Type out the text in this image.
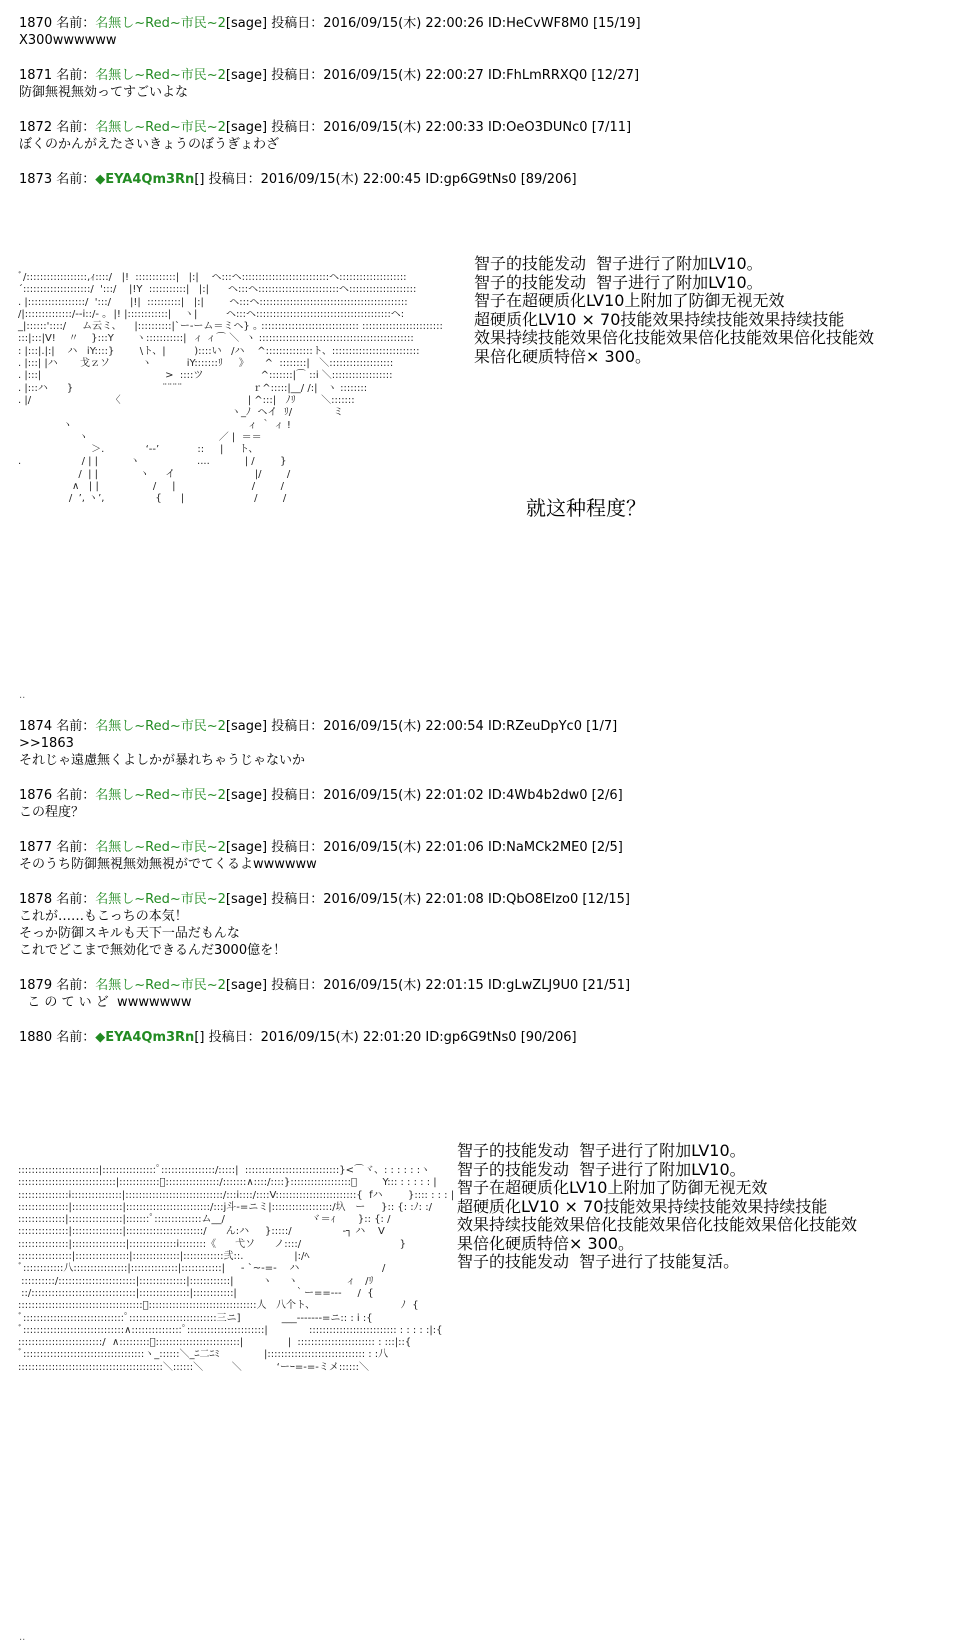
1870 名前：名無し~Red~市民~2[sage] 投稿日：2016/09/15(木) 22:00:26 ID:HeCvWF8M0 [15/19]
X300wwwwww
1871 名前：名無し~Red~市民~2[sage] 投稿日：2016/09/15(木) 22:00:27 ID:FhLmRRXQ0 [12/27]
防御無視無効ってすごいよな
1872 名前：名無し~Red~市民~2[sage] 投稿日：2016/09/15(木) 22:00:33 ID:OeO3DUNc0 [7/11]
ぼくのかんがえたさいきょうのぼうぎょわざ
1873 名前：◆EYA4Qm3Rn[] 投稿日：2016/09/15(木) 22:00:45 ID:gp6G9tNs0 [89/206]
1874 名前：名無し~Red~市民~2[sage] 投稿日：2016/09/15(木) 22:00:54 ID:RZeuDpYc0 [1/7]
>>1863
それじゃ遠慮無くよしかが暴れちゃうじゃないか
1876 名前：名無し~Red~市民~2[sage] 投稿日：2016/09/15(木) 22:01:02 ID:4Wb4b2dw0 [2/6]
この程度？
1877 名前：名無し~Red~市民~2[sage] 投稿日：2016/09/15(木) 22:01:06 ID:NaMCk2ME0 [2/5]
そのうち防御無視無効無視がでてくるよwwwwww
1878 名前：名無し~Red~市民~2[sage] 投稿日：2016/09/15(木) 22:01:08 ID:QbO8EIzo0 [12/15]
これが……もこっちの本気！
そっか防御スキルも天下一品だもんな
これでどこまで無効化できるんだ3000億を！
1879 名前：名無し~Red~市民~2[sage] 投稿日：2016/09/15(木) 22:01:15 ID:gLwZLJ9U0 [21/51]
こ の て い ど  wwwwwww
1880 名前：◆EYA4Qm3Rn[] 投稿日：2016/09/15(木) 22:01:20 ID:gp6G9tNs0 [90/206]
ﾞ/::::::::::::::::::,ｨ::::/   |!  ::::::::::::|   |:|    ヘ:::ヘ::::::::::::::::::::::::::ヘ::::::::::::::::::::
´::::::::::::::::::::/  ':::/    |!Y  :::::::::::|   |:|      ヘ:::ヘ::::::::::::::::::::::::ヘ::::::::::::::::::::
. |:::::::::::::::::/  ':::/      |!|  ::::::::::|   |:|        ヘ:::ヘ::::::::::::::::::::::::::::::::::::::::::::
/|::::::::::::::/-‐i::/- ｡  |! |::::::::::::|    ヽ|         ヘ:::ヘ::::::::::::::::::::::::::::::::::::::::ヘ:
_|::::::'::::/     ム云ミ、    |::::::::::|`ー‐ーム＝ミヘ} ｡ ::::::::::::::::::::::::::::: ::::::::::::::::::::::::
:::|:::|V!    〃    }:::Y       ヽ:::::::::::|  ィ ィ⌒ ＼  ヽ ::::::::::::::::::::::::::::::::::::::::::::::
: |:::|.|:|    ハ   iY::::}        \ト、|         )::::い   /ハ    ^::::::::::::::ト、::::::::::::::::::::::::::
. |:::| |ハ       戈ｚソ          ヽ           iY:::::::ﾘ     》     ^  ::::::::|   ＼:::::::::::::::::::
. |:::|                                       >  ::::ツ                  ^:::::::|⌒ ::i ＼::::::::::::::::::
. |:::ハ      }                            ¨¨¨¨                      ｒ^:::::|__/ /:|   ヽ ::::::::
. |/                         〈                                        | ^:::|   ﾉﾘ        ＼:::::::
ヽ_ﾉ  ヘイ  ﾘ/             ミ
ヽ                                                       ィ ｀ ィ !
ヽ                                         ／ |  ＝＝
＞.             ‘--’            ::     |     ト、
.                   / | |          ヽ                  ....           | /        }
/  | |             ヽ     イ                         |/        /
∧   | |                 /     |                        /        /
/  ’, ヽ’,                {      |                      /        /
智子的技能发动  智子进行了附加LV10。
智子的技能发动  智子进行了附加LV10。
智子在超硬质化LV10上附加了防御无视无效
超硬质化LV10 × 70技能效果持续技能效果持续技能
效果持续技能效果倍化技能效果倍化技能效果倍化技能效
果倍化硬质特倍× 300。
就这种程度？
..
::::::::::::::::::::::::|::::::::::::::::ﾟ::::::::::::::::/:::::|  ::::::::::::::::::::::::::::}<⌒ヾ、: : : : : :ヽ
:::::::::::::::::::::::::::::|::::::::::::ﾟ::::::::::::::::/:::::::∧::::/::::}::::::::::::::::::〃        Y::: : : : : : |
:::::::::::::::i:::::::::::::::|:::::::::::::::::::::::::::::/:::i::::/::::V::::::::::::::::::::::::{  fハ        }:::: : : : |
:::::::::::::::|:::::::::::::::|:::::::::::::::::::::::::/:::j斗-=ニミ|::::::::::::::::::/圦   ー     }:: {: :ﾉ: :/
::::::::::::::|::::::::::::::::|:::::::ﾟ::::::::::::::ム__/                           ヾ＝ｨ       }:: {: /
:::::::::::::::|:::::::::::::::|:::::::::::::::::::::::/      ん:ハ     }:::::/                ‐┐ ハ    V
:::::::::::::::|::::::::::::::::|::::::::::::::i::::::::《      弋ソ      ノ::::/                               }
::::::::::::::::|::::::::::::::::|::::::::::::::|::::::::::::弐::.                |:/ﾍ
ﾞ::::::::::::八::::::::::::::::|::::::::::::::|::::::::::::|     ‐ `~-=‐    ハ                          /
::::::::::/:::::::::::::::::::::::|::::::::::::::|::::::::::::|         ヽ     ヽ               ィ   /ﾘ
::/:::::::::::::::::::::::::::::::|:::::::::::::::|::::::::::::|                  ｀ー==‐-‐     /  {
:::::::::::::::::::::::::::::::::::::ﾟ::::::::::::::::::::::::::::::::人   八个ト、                           ﾉ  {
ﾞ::::::::::::::::::::::::::::::ﾟ::::::::::::::::::::::::::三ニ]             ___-------=ニ:: : i :{
ﾞ::::::::::::::::::::::::::::::∧:::::::::::::::ﾟ:::::::::::::::::::::::|             :::::::::::::::::::::::::: : : : : :|:{
:::::::::::::::::::::::::/  ∧:::::::::ﾟ:::::::::::::::::::::::::|              |  ::::::::::::::::::::::: : :::|::{
ﾞ::::::::::::::::::::::::::::::::::::ヽ_::::::＼_ﾆ二ﾆﾐ              |::::::::::::::::::::::::::::: : :八
:::::::::::::::::::::::::::::::::::::::::::＼::::::＼         ＼           ‘ーｰ=‐=-ミメ::::::＼
智子的技能发动  智子进行了附加LV10。
智子的技能发动  智子进行了附加LV10。
智子在超硬质化LV10上附加了防御无视无效
超硬质化LV10 × 70技能效果持续技能效果持续技能
效果持续技能效果倍化技能效果倍化技能效果倍化技能效
果倍化硬质特倍× 300。
智子的技能发动  智子进行了技能复活。
..
